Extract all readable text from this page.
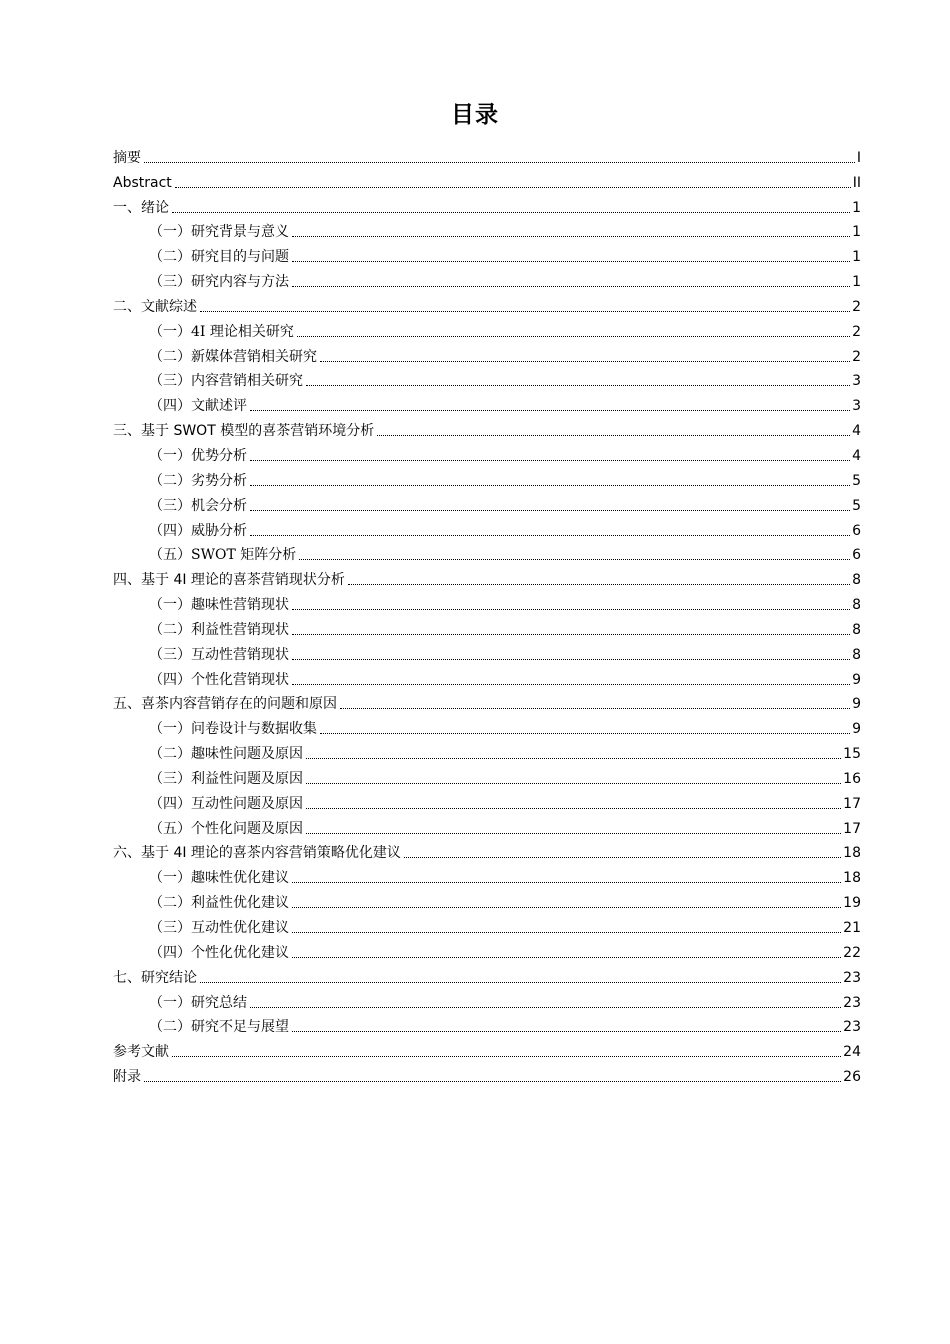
目录
摘要	I
Abstract	II
一、绪论	1
（一）研究背景与意义	1
（二）研究目的与问题	1
（三）研究内容与方法	1
二、文献综述	2
（一）4I 理论相关研究	2
（二）新媒体营销相关研究	2
（三）内容营销相关研究	3
（四）文献述评	3
三、基于 SWOT 模型的喜茶营销环境分析	4
（一）优势分析	4
（二）劣势分析	5
（三）机会分析	5
（四）威胁分析	6
（五）SWOT 矩阵分析	6
四、基于 4I 理论的喜茶营销现状分析	8
（一）趣味性营销现状	8
（二）利益性营销现状	8
（三）互动性营销现状	8
（四）个性化营销现状	9
五、喜茶内容营销存在的问题和原因	9
（一）问卷设计与数据收集	9
（二）趣味性问题及原因	15
（三）利益性问题及原因	16
（四）互动性问题及原因	17
（五）个性化问题及原因	17
六、基于 4I 理论的喜茶内容营销策略优化建议	18
（一）趣味性优化建议	18
（二）利益性优化建议	19
（三）互动性优化建议	21
（四）个性化优化建议	22
七、研究结论	23
（一）研究总结	23
（二）研究不足与展望	23
参考文献	24
附录	26
